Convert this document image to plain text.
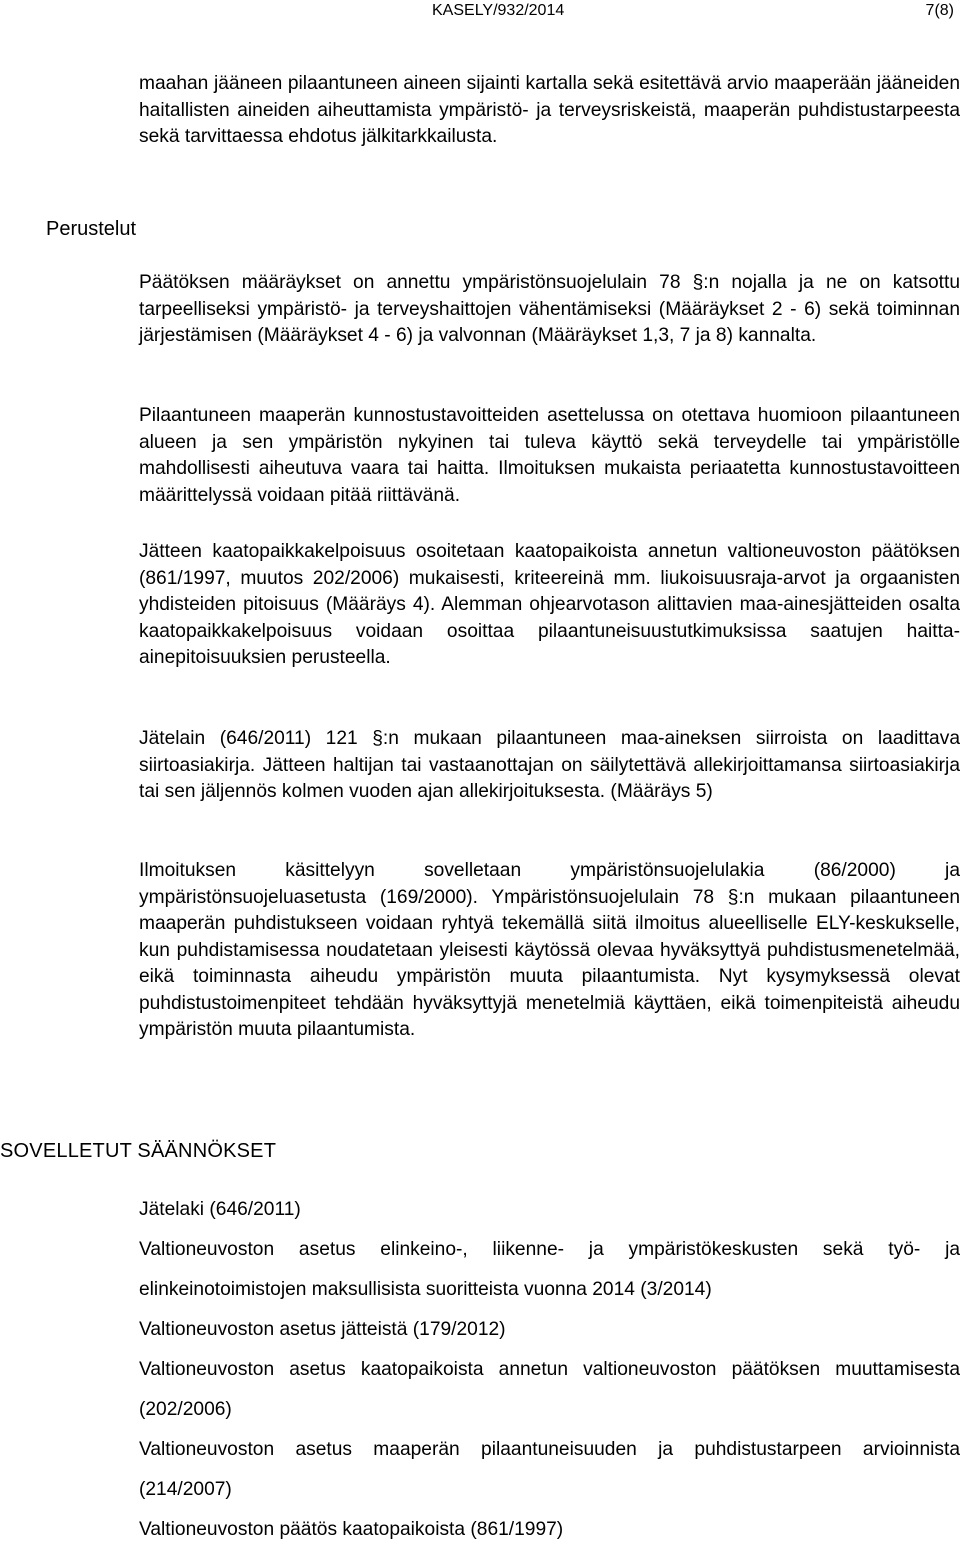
KASELY/932/2014	7(8)

maahan jääneen pilaantuneen aineen sijainti kartalla sekä esitettävä arvio maaperään jääneiden haitallisten aineiden aiheuttamista ympäristö- ja terveysriskeistä, maaperän puhdistustarpeesta sekä tarvittaessa ehdotus jälkitarkkailusta.

Perustelut

Päätöksen määräykset on annettu ympäristönsuojelulain 78 §:n nojalla ja ne on katsottu tarpeelliseksi ympäristö- ja terveyshaittojen vähentämiseksi (Määräykset 2 - 6) sekä toiminnan järjestämisen (Määräykset 4 - 6) ja valvonnan (Määräykset 1,3, 7 ja 8) kannalta.

Pilaantuneen maaperän kunnostustavoitteiden asettelussa on otettava huomioon pilaantuneen alueen ja sen ympäristön nykyinen tai tuleva käyttö sekä terveydelle tai ympäristölle mahdollisesti aiheutuva vaara tai haitta. Ilmoituksen mukaista periaatetta kunnostustavoitteen määrittelyssä voidaan pitää riittävänä.

Jätteen kaatopaikkakelpoisuus osoitetaan kaatopaikoista annetun valtioneuvoston päätöksen (861/1997, muutos 202/2006) mukaisesti, kriteereinä mm. liukoisuusraja-arvot ja orgaanisten yhdisteiden pitoisuus (Määräys 4). Alemman ohjearvotason alittavien maa-ainesjätteiden osalta kaatopaikkakelpoisuus voidaan osoittaa pilaantuneisuustutkimuksissa saatujen haitta-ainepitoisuuksien perusteella.

Jätelain (646/2011) 121 §:n mukaan pilaantuneen maa-aineksen siirroista on laadittava siirtoasiakirja. Jätteen haltijan tai vastaanottajan on säilytettävä allekirjoittamansa siirtoasiakirja tai sen jäljennös kolmen vuoden ajan allekirjoituksesta. (Määräys 5)

Ilmoituksen käsittelyyn sovelletaan ympäristönsuojelulakia (86/2000) ja ympäristönsuojeluasetusta (169/2000). Ympäristönsuojelulain 78 §:n mukaan pilaantuneen maaperän puhdistukseen voidaan ryhtyä tekemällä siitä ilmoitus alueelliselle ELY-keskukselle, kun puhdistamisessa noudatetaan yleisesti käytössä olevaa hyväksyttyä puhdistusmenetelmää, eikä toiminnasta aiheudu ympäristön muuta pilaantumista. Nyt kysymyksessä olevat puhdistustoimenpiteet tehdään hyväksyttyjä menetelmiä käyttäen, eikä toimenpiteistä aiheudu ympäristön muuta pilaantumista.

SOVELLETUT SÄÄNNÖKSET
Jätelaki (646/2011)
Valtioneuvoston asetus elinkeino-, liikenne- ja ympäristökeskusten sekä työ- ja elinkeinotoimistojen maksullisista suoritteista vuonna 2014 (3/2014)
Valtioneuvoston asetus jätteistä (179/2012)
Valtioneuvoston asetus kaatopaikoista annetun valtioneuvoston päätöksen muuttamisesta (202/2006)
Valtioneuvoston asetus maaperän pilaantuneisuuden ja puhdistustarpeen arvioinnista (214/2007)
Valtioneuvoston päätös kaatopaikoista (861/1997)
